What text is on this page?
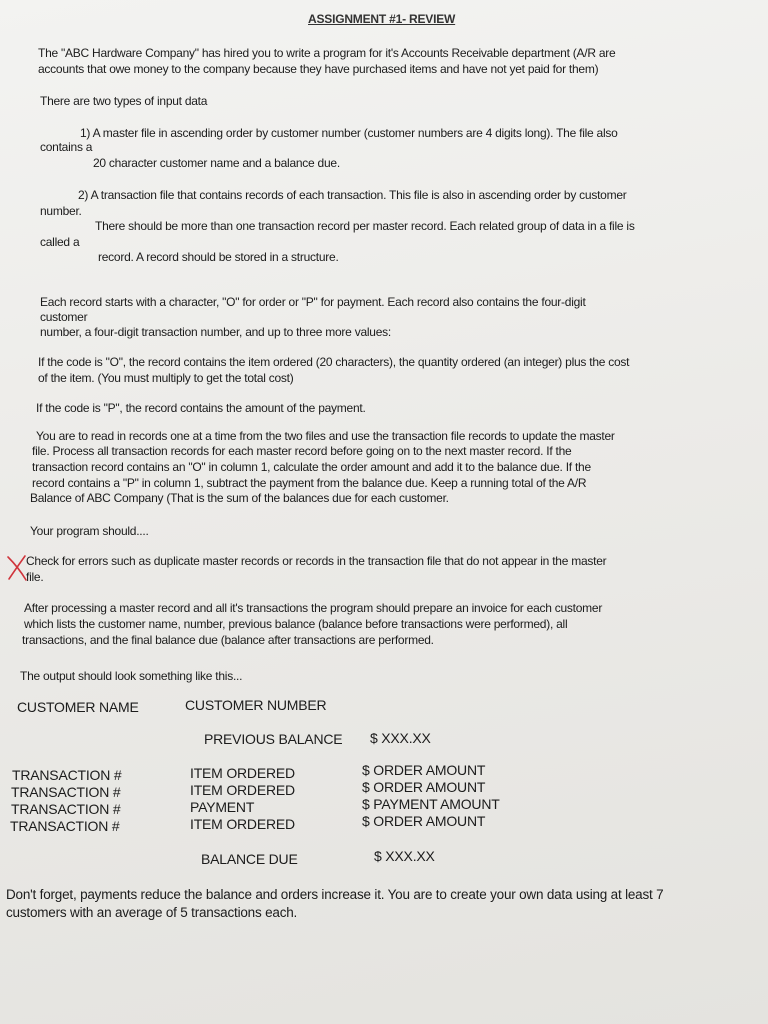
ASSIGNMENT #1- REVIEW
The "ABC Hardware Company" has hired you to write a program for it's Accounts Receivable department (A/R are
accounts that owe money to the company because they have purchased items and have not yet paid for them)
There are two types of input data
1) A master file in ascending order by customer number (customer numbers are 4 digits long). The file also
contains a
20 character customer name and a balance due.
2) A transaction file that contains records of each transaction. This file is also in ascending order by customer
number.
There should be more than one transaction record per master record. Each related group of data in a file is
called a
record. A record should be stored in a structure.
Each record starts with a character, "O" for order or "P" for payment. Each record also contains the four-digit
customer
number, a four-digit transaction number, and up to three more values:
If the code is "O", the record contains the item ordered (20 characters), the quantity ordered (an integer) plus the cost
of the item. (You must multiply to get the total cost)
If the code is "P", the record contains the amount of the payment.
You are to read in records one at a time from the two files and use the transaction file records to update the master
file. Process all transaction records for each master record before going on to the next master record. If the
transaction record contains an "O" in column 1, calculate the order amount and add it to the balance due. If the
record contains a "P" in column 1, subtract the payment from the balance due. Keep a running total of the A/R
Balance of ABC Company (That is the sum of the balances due for each customer.
Your program should....
Check for errors such as duplicate master records or records in the transaction file that do not appear in the master
file.
After processing a master record and all it's transactions the program should prepare an invoice for each customer
which lists the customer name, number, previous balance (balance before transactions were performed), all
transactions, and the final balance due (balance after transactions are performed.
The output should look something like this...
CUSTOMER NAME	CUSTOMER NUMBER
PREVIOUS BALANCE $ XXX.XX
TRANSACTION #	ITEM ORDERED	$ ORDER AMOUNT
TRANSACTION #	ITEM ORDERED	$ ORDER AMOUNT
TRANSACTION #	PAYMENT	$ PAYMENT AMOUNT
TRANSACTION #	ITEM ORDERED	$ ORDER AMOUNT
BALANCE DUE	$ XXX.XX
Don't forget, payments reduce the balance and orders increase it. You are to create your own data using at least 7
customers with an average of 5 transactions each.
